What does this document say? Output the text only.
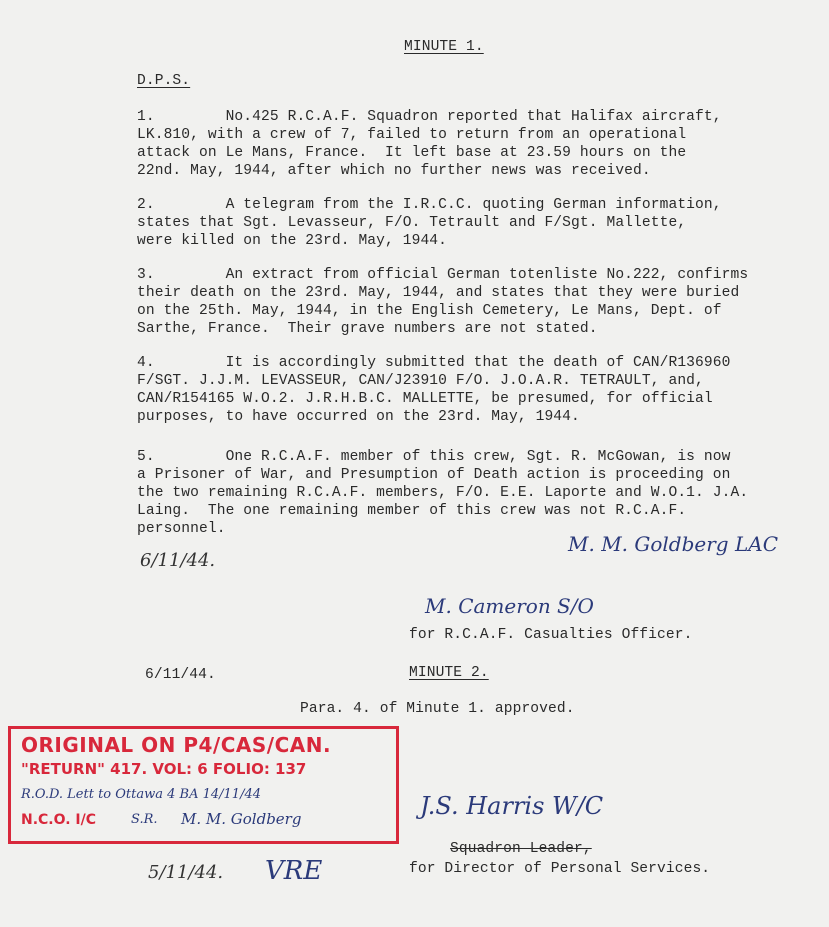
MINUTE 1.
D.P.S.
1.        No.425 R.C.A.F. Squadron reported that Halifax aircraft,
LK.810, with a crew of 7, failed to return from an operational
attack on Le Mans, France.  It left base at 23.59 hours on the
22nd. May, 1944, after which no further news was received.
2.        A telegram from the I.R.C.C. quoting German information,
states that Sgt. Levasseur, F/O. Tetrault and F/Sgt. Mallette,
were killed on the 23rd. May, 1944.
3.        An extract from official German totenliste No.222, confirms
their death on the 23rd. May, 1944, and states that they were buried
on the 25th. May, 1944, in the English Cemetery, Le Mans, Dept. of
Sarthe, France.  Their grave numbers are not stated.
4.        It is accordingly submitted that the death of CAN/R136960
F/SGT. J.J.M. LEVASSEUR, CAN/J23910 F/O. J.O.A.R. TETRAULT, and,
CAN/R154165 W.O.2. J.R.H.B.C. MALLETTE, be presumed, for official
purposes, to have occurred on the 23rd. May, 1944.
5.        One R.C.A.F. member of this crew, Sgt. R. McGowan, is now
a Prisoner of War, and Presumption of Death action is proceeding on
the two remaining R.C.A.F. members, F/O. E.E. Laporte and W.O.1. J.A.
Laing.  The one remaining member of this crew was not R.C.A.F.
personnel.
6/11/44.
M. M. Goldberg LAC
M. Cameron S/O
for R.C.A.F. Casualties Officer.
6/11/44.	MINUTE 2.
Para. 4. of Minute 1. approved.
J.S. Harris W/C
Squadron Leader,
for Director of Personal Services.
5/11/44. VRE
ORIGINAL ON P4/CAS/CAN.
"RETURN" 417. VOL: 6 FOLIO: 137
R.O.D. Lett to Ottawa 4 BA 14/11/44
N.C.O. I/C	S.R. M. M. Goldberg
